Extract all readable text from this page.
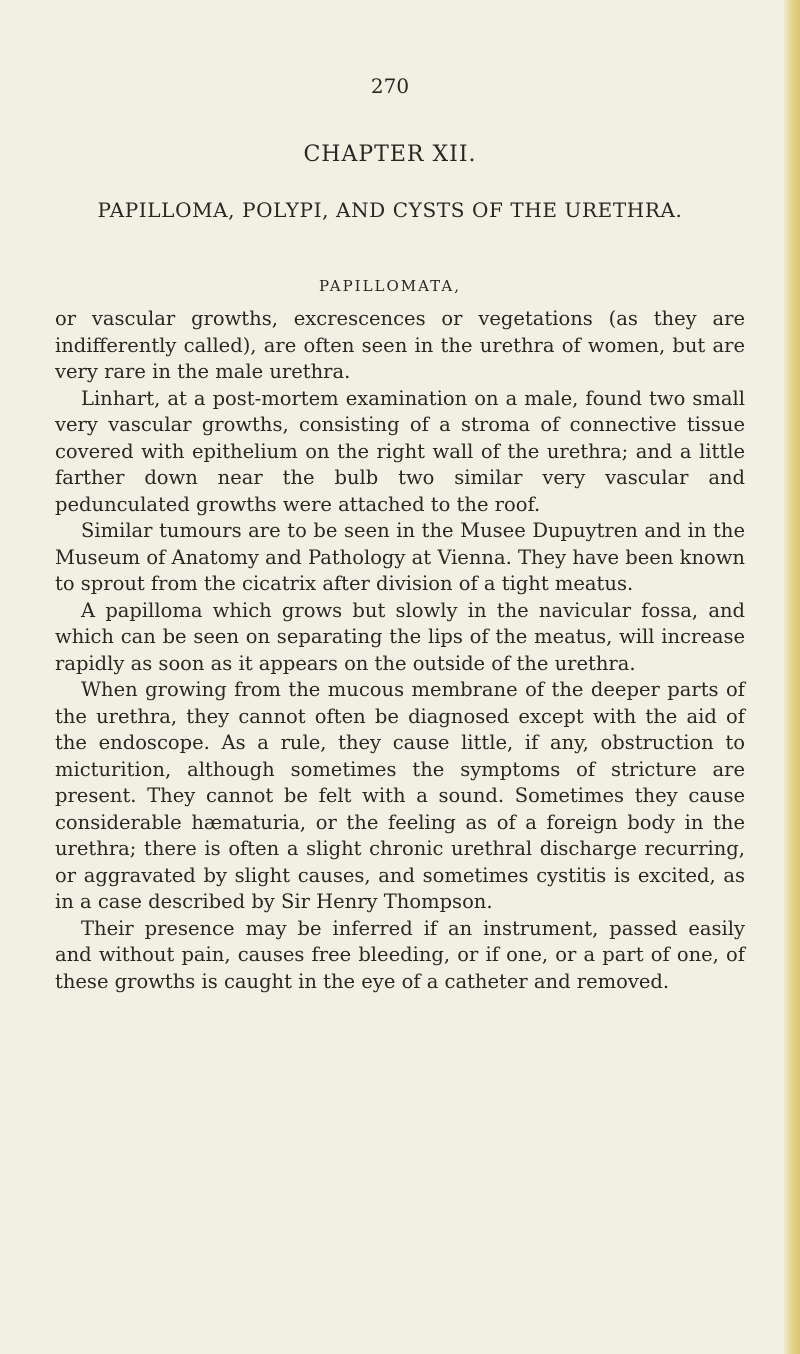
270
CHAPTER XII.
PAPILLOMA, POLYPI, AND CYSTS OF THE URETHRA.
PAPILLOMATA,

or vascular growths, excrescences or vegetations (as they are indifferently called), are often seen in the urethra of women, but are very rare in the male urethra.

Linhart, at a post-mortem examination on a male, found two small very vascular growths, consisting of a stroma of connective tissue covered with epithelium on the right wall of the urethra; and a little farther down near the bulb two similar very vascular and pedunculated growths were attached to the roof.

Similar tumours are to be seen in the Musee Dupuytren and in the Museum of Anatomy and Pathology at Vienna. They have been known to sprout from the cicatrix after division of a tight meatus.

A papilloma which grows but slowly in the navicular fossa, and which can be seen on separating the lips of the meatus, will increase rapidly as soon as it appears on the outside of the urethra.

When growing from the mucous membrane of the deeper parts of the urethra, they cannot often be diagnosed except with the aid of the endoscope. As a rule, they cause little, if any, obstruction to micturition, although sometimes the symptoms of stricture are present. They cannot be felt with a sound. Sometimes they cause considerable hæmaturia, or the feeling as of a foreign body in the urethra; there is often a slight chronic urethral discharge recurring, or aggravated by slight causes, and sometimes cystitis is excited, as in a case described by Sir Henry Thompson.

Their presence may be inferred if an instrument, passed easily and without pain, causes free bleeding, or if one, or a part of one, of these growths is caught in the eye of a catheter and removed.
